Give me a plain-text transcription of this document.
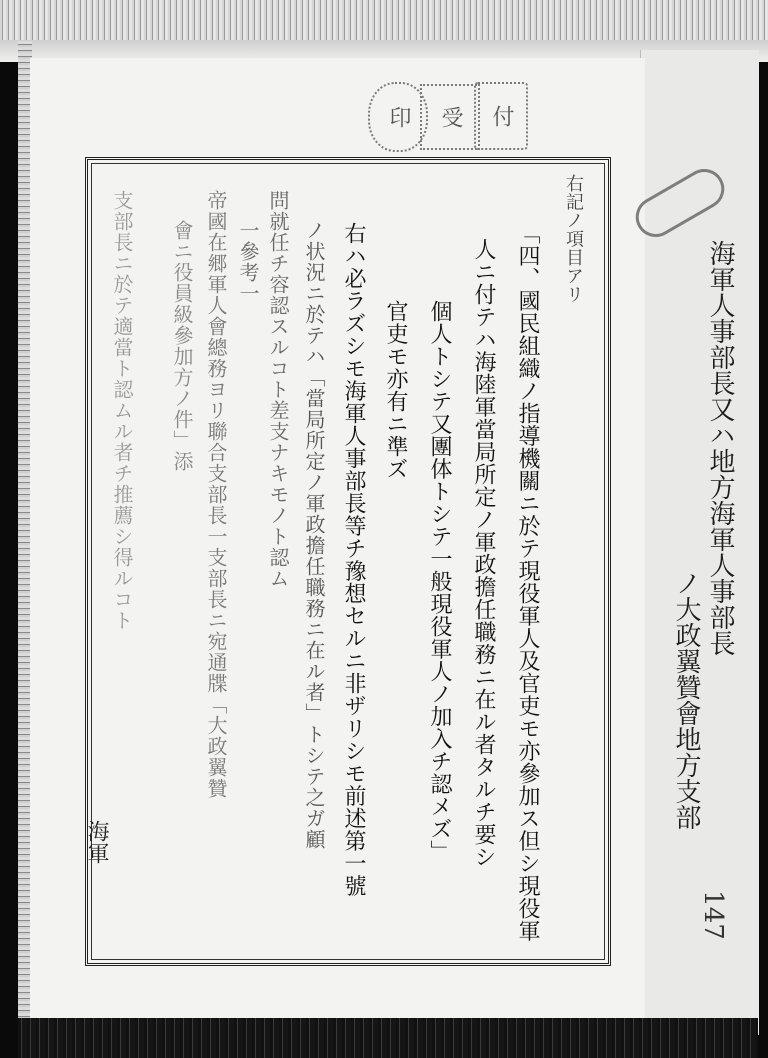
海軍人事部長又ハ地方海軍人事部長
ノ大政翼贊會地方支部
印 受 付
右記ノ項目アリ
「四、國民組織ノ指導機關ニ於テ現役軍人及官吏モ亦參加ス但シ現役軍
人ニ付テハ海陸軍當局所定ノ軍政擔任職務ニ在ル者タルチ要シ
個人トシテ又團体トシテ一般現役軍人ノ加入チ認メズ」
官吏モ亦有ニ準ズ
右ハ必ラズシモ海軍人事部長等チ豫想セルニ非ザリシモ前述第一號
ノ状況ニ於テハ「當局所定ノ軍政擔任職務ニ在ル者」トシテ之ガ顧
問就任チ容認スルコト差支ナキモノト認ム
一參考一
帝國在郷軍人會總務ヨリ聯合支部長一支部長ニ宛通牒「大政翼贊
會ニ役員級參加方ノ件」添
支部長ニ於テ適當ト認ムル者チ推薦シ得ルコト
海軍
147
